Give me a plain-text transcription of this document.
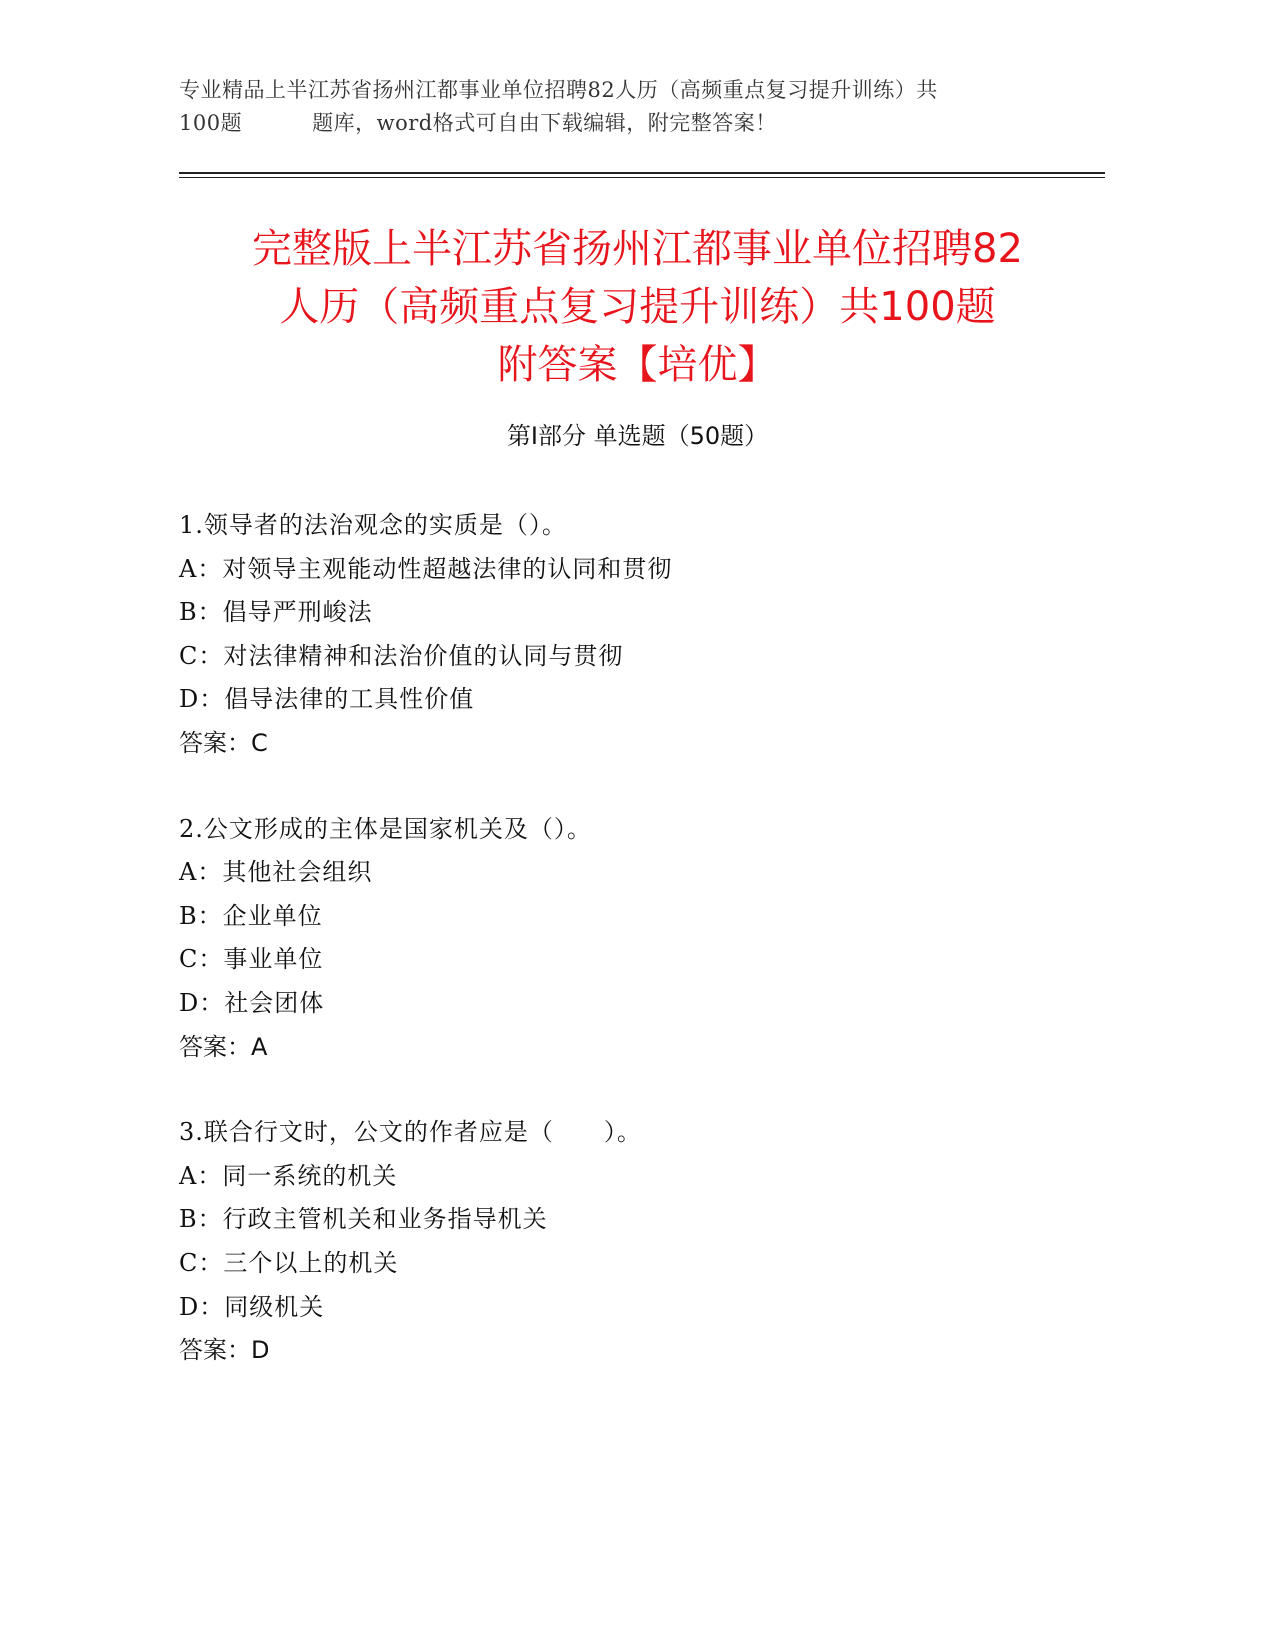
专业精品上半江苏省扬州江都事业单位招聘82人历（高频重点复习提升训练）共
100题	题库，word格式可自由下载编辑，附完整答案！

完整版上半江苏省扬州江都事业单位招聘82
人历（高频重点复习提升训练）共100题
附答案【培优】
第Ⅰ部分 单选题（50题）
1.领导者的法治观念的实质是（）。
A：对领导主观能动性超越法律的认同和贯彻
B：倡导严刑峻法
C：对法律精神和法治价值的认同与贯彻
D：倡导法律的工具性价值
答案：C
2.公文形成的主体是国家机关及（）。
A：其他社会组织
B：企业单位
C：事业单位
D：社会团体
答案：A
3.联合行文时，公文的作者应是（　　）。
A：同一系统的机关
B：行政主管机关和业务指导机关
C：三个以上的机关
D：同级机关
答案：D
